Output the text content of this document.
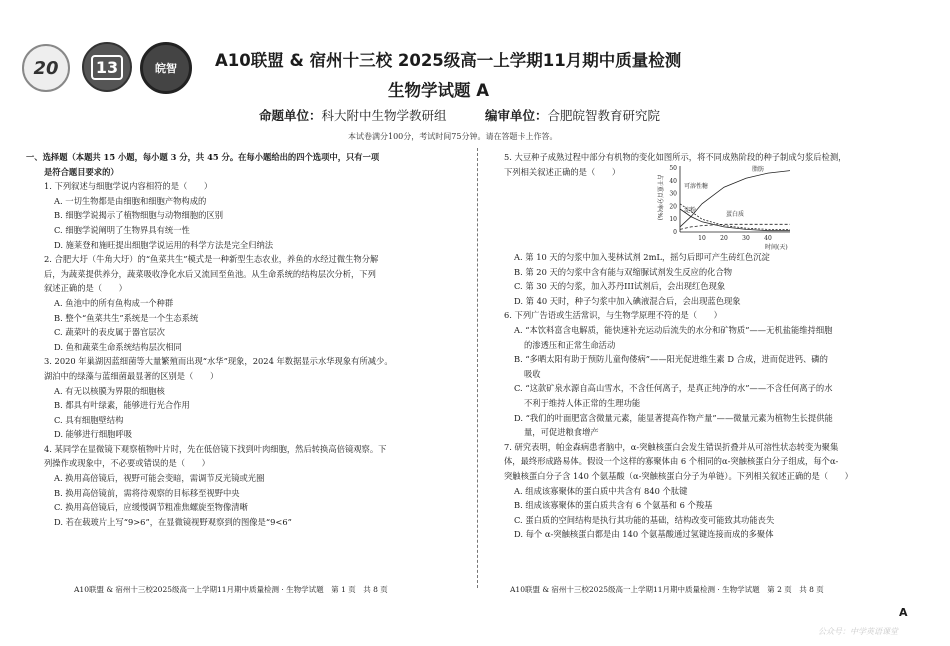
20	13	皖智 A10联盟 & 宿州十三校 2025级高一上学期11月期中质量检测
生物学试题 A
命题单位：科大附中生物学教研组	编审单位：合肥皖智教育研究院
本试卷满分100分，考试时间75分钟。请在答题卡上作答。

一、选择题（本题共 15 小题，每小题 3 分，共 45 分。在每小题给出的四个选项中，只有一项

是符合题目要求的）

1. 下列叙述与细胞学说内容相符的是（　　）

A. 一切生物都是由细胞和细胞产物构成的

B. 细胞学说揭示了植物细胞与动物细胞的区别

C. 细胞学说阐明了生物界具有统一性

D. 施莱登和施旺提出细胞学说运用的科学方法是完全归纳法

2. 合肥大圩（牛角大圩）的“鱼菜共生”模式是一种新型生态农业，养鱼的水经过微生物分解

后，为蔬菜提供养分，蔬菜吸收净化水后又流回至鱼池。从生命系统的结构层次分析，下列

叙述正确的是（　　）

A. 鱼池中的所有鱼构成一个种群

B. 整个“鱼菜共生”系统是一个生态系统

C. 蔬菜叶的表皮属于器官层次

D. 鱼和蔬菜生命系统结构层次相同

3. 2020 年巢湖因蓝细菌等大量繁殖而出现“水华”现象，2024 年数据显示水华现象有所减少。

湖泊中的绿藻与蓝细菌最显著的区别是（　　）

A. 有无以核膜为界限的细胞核

B. 都具有叶绿素，能够进行光合作用

C. 具有细胞壁结构

D. 能够进行细胞呼吸

4. 某同学在显微镜下观察植物叶片时，先在低倍镜下找到叶肉细胞，然后转换高倍镜观察。下

列操作或现象中，不必要或错误的是（　　）

A. 换用高倍镜后，视野可能会变暗，需调节反光镜或光圈

B. 换用高倍镜前，需将待观察的目标移至视野中央

C. 换用高倍镜后，应缓慢调节粗准焦螺旋至物像清晰

D. 若在载玻片上写“9>6”，在显微镜视野观察到的图像是“9<6”

5. 大豆种子成熟过程中部分有机物的变化如图所示，将不同成熟阶段的种子制成匀浆后检测，

下列相关叙述正确的是（　　）

占干重百分率(%)
50
40
30
20
10
0
10 20 30 40
脂肪
淀粉
可溶性糖
蛋白质
时间(天)

A. 第 10 天的匀浆中加入斐林试剂 2mL，摇匀后即可产生砖红色沉淀

B. 第 20 天的匀浆中含有能与双缩脲试剂发生反应的化合物

C. 第 30 天的匀浆，加入苏丹III试剂后，会出现红色现象

D. 第 40 天时，种子匀浆中加入碘液混合后，会出现蓝色现象

6. 下列广告语或生活常识，与生物学原理不符的是（　　）

A. “本饮料富含电解质，能快速补充运动后流失的水分和矿物质”——无机盐能维持细胞

的渗透压和正常生命活动

B. “多晒太阳有助于预防儿童佝偻病”——阳光促进维生素 D 合成，进而促进钙、磷的

吸收

C. “这款矿泉水源自高山雪水，不含任何离子，是真正纯净的水”——不含任何离子的水

不利于维持人体正常的生理功能

D. “我们的叶面肥富含微量元素，能显著提高作物产量”——微量元素为植物生长提供能

量，可促进粮食增产

7. 研究表明，帕金森病患者脑中，α-突触核蛋白会发生错误折叠并从可溶性状态转变为聚集

体，最终形成路易体。假设一个这样的寡聚体由 6 个相同的α-突触核蛋白分子组成，每个α-

突触核蛋白分子含 140 个氨基酸（α-突触核蛋白分子为单链）。下列相关叙述正确的是（　　）

A. 组成该寡聚体的蛋白质中共含有 840 个肽键

B. 组成该寡聚体的蛋白质共含有 6 个氨基和 6 个羧基

C. 蛋白质的空间结构是执行其功能的基础，结构改变可能致其功能丧失

D. 每个 α-突触核蛋白都是由 140 个氨基酸通过氢键连接而成的多聚体

A10联盟 & 宿州十三校2025级高一上学期11月期中质量检测 · 生物学试题　第 1 页　共 8 页	A10联盟 & 宿州十三校2025级高一上学期11月期中质量检测 · 生物学试题　第 2 页　共 8 页
A
公众号：中学英语课堂
